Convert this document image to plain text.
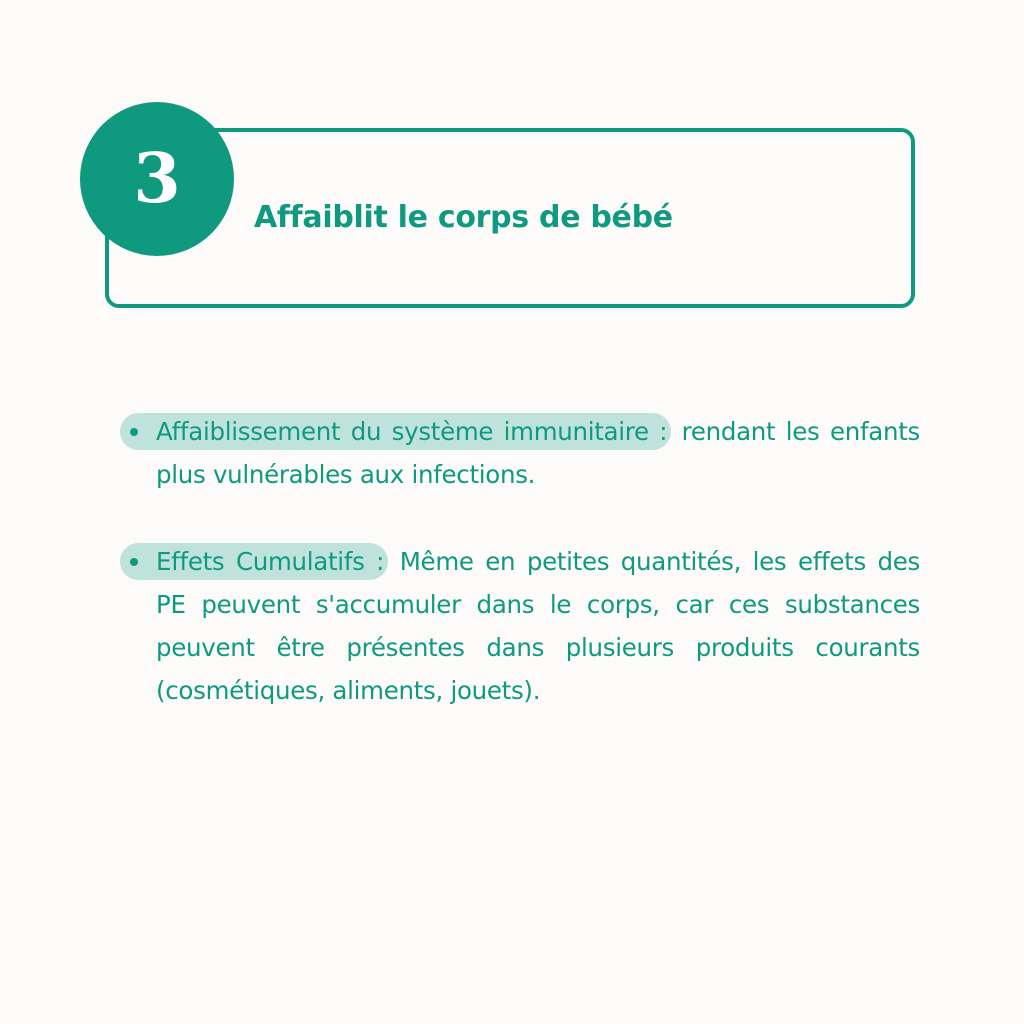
3	Affaiblit le corps de bébé
Affaiblissement du système immunitaire : rendant les enfants plus vulnérables aux infections.
Effets Cumulatifs : Même en petites quantités, les effets des PE peuvent s'accumuler dans le corps, car ces substances peuvent être présentes dans plusieurs produits courants (cosmétiques, aliments, jouets).
